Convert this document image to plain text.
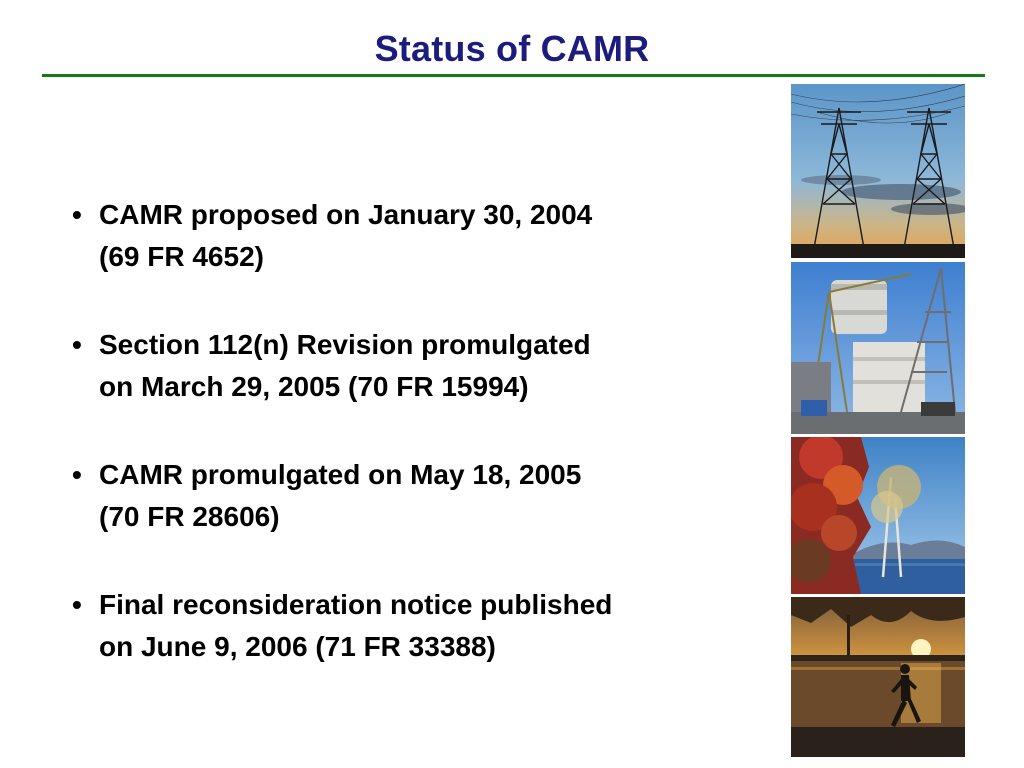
Status of CAMR
• CAMR proposed on January 30, 2004
(69 FR 4652)
• Section 112(n) Revision promulgated
on March 29, 2005 (70 FR 15994)
• CAMR promulgated on May 18, 2005
(70 FR 28606)
• Final reconsideration notice published
on June 9, 2006 (71 FR 33388)
